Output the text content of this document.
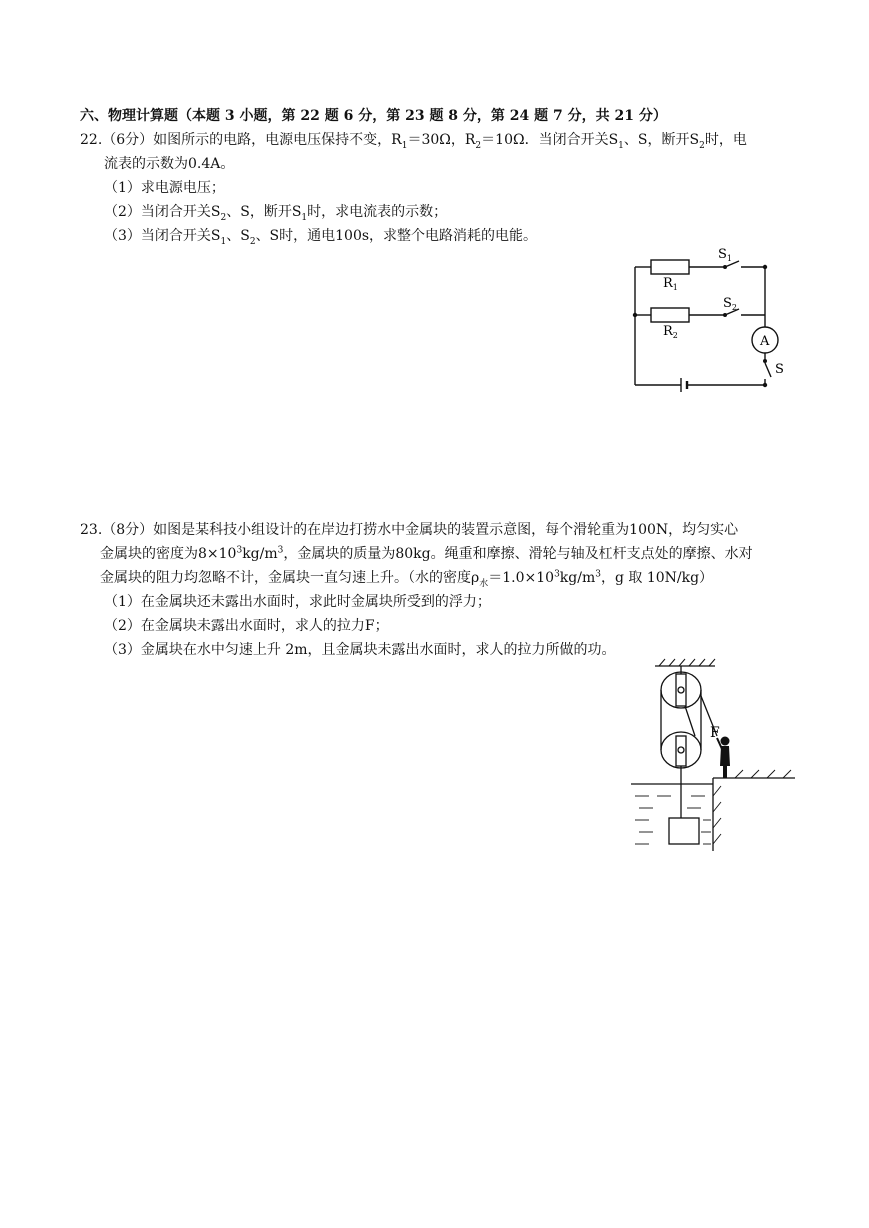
六、物理计算题（本题 3 小题，第 22 题 6 分，第 23 题 8 分，第 24 题 7 分，共 21 分）
22.（6分）如图所示的电路，电源电压保持不变，$R_1=30\Omega$，$R_2=10\Omega$．当闭合开关$S_1$、S，断开$S_2$时，电
流表的示数为0.4A。
（1）求电源电压；
（2）当闭合开关$S_2$、S，断开$S_1$时，求电流表的示数；
（3）当闭合开关$S_1$、$S_2$、S时，通电100s，求整个电路消耗的电能。
$R_1$
$R_2$
$S_1$
$S_2$
A
S
23.（8分）如图是某科技小组设计的在岸边打捞水中金属块的装置示意图，每个滑轮重为100N，均匀实心
金属块的密度为$8\times 10^3kg/m^3$，金属块的质量为80kg。绳重和摩擦、滑轮与轴及杠杆支点处的摩擦、水对
金属块的阻力均忽略不计，金属块一直匀速上升。（水的密度$\rho_水=1.0\times 10^3kg/m^3$，g 取 10N/kg）
（1）在金属块还未露出水面时，求此时金属块所受到的浮力；
（2）在金属块未露出水面时，求人的拉力F；
（3）金属块在水中匀速上升 2m，且金属块未露出水面时，求人的拉力所做的功。
F
